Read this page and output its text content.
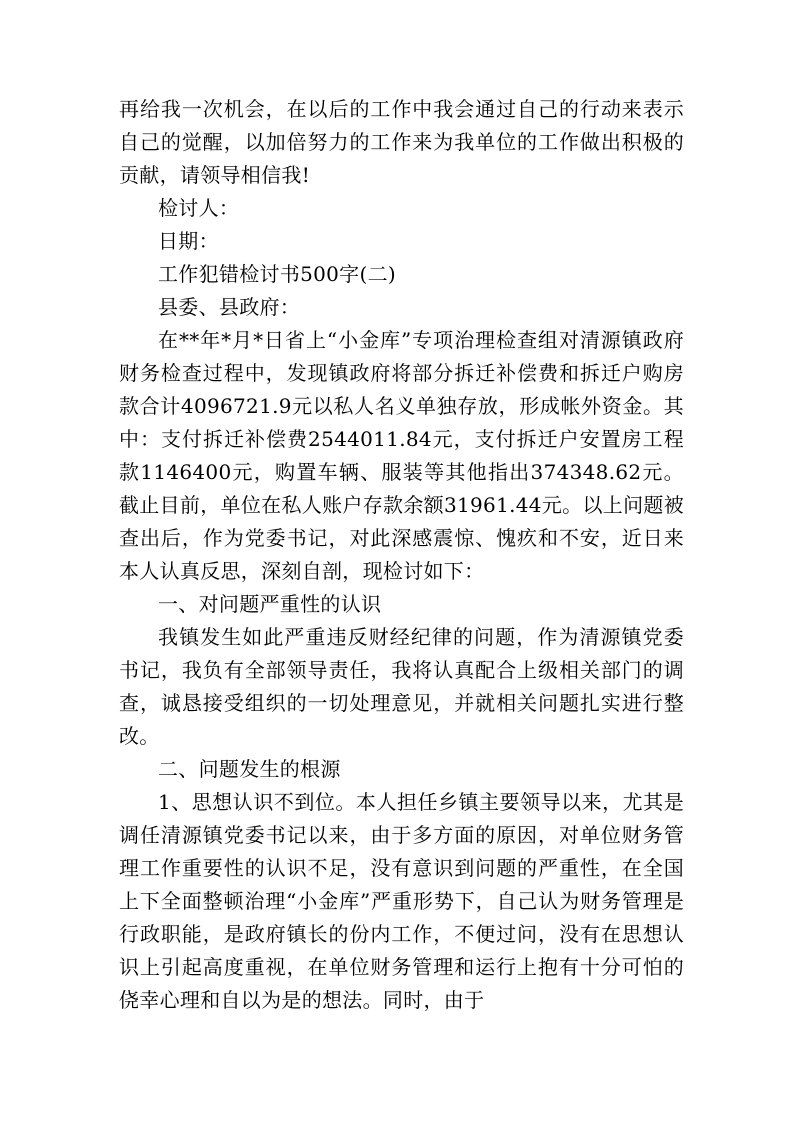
再给我一次机会，在以后的工作中我会通过自己的行动来表示自己的觉醒，以加倍努力的工作来为我单位的工作做出积极的贡献，请领导相信我!

检讨人：

日期：

工作犯错检讨书500字(二)

县委、县政府：

在**年*月*日省上“小金库”专项治理检查组对清源镇政府财务检查过程中，发现镇政府将部分拆迁补偿费和拆迁户购房款合计4096721.9元以私人名义单独存放，形成帐外资金。其中：支付拆迁补偿费2544011.84元，支付拆迁户安置房工程款1146400元，购置车辆、服装等其他指出374348.62元。截止目前，单位在私人账户存款余额31961.44元。以上问题被查出后，作为党委书记，对此深感震惊、愧疚和不安，近日来本人认真反思，深刻自剖，现检讨如下：

一、对问题严重性的认识

我镇发生如此严重违反财经纪律的问题，作为清源镇党委书记，我负有全部领导责任，我将认真配合上级相关部门的调查，诚恳接受组织的一切处理意见，并就相关问题扎实进行整改。

二、问题发生的根源

1、思想认识不到位。本人担任乡镇主要领导以来，尤其是调任清源镇党委书记以来，由于多方面的原因，对单位财务管理工作重要性的认识不足，没有意识到问题的严重性，在全国上下全面整顿治理“小金库”严重形势下，自己认为财务管理是行政职能，是政府镇长的份内工作，不便过问，没有在思想认识上引起高度重视，在单位财务管理和运行上抱有十分可怕的侥幸心理和自以为是的想法。同时，由于
